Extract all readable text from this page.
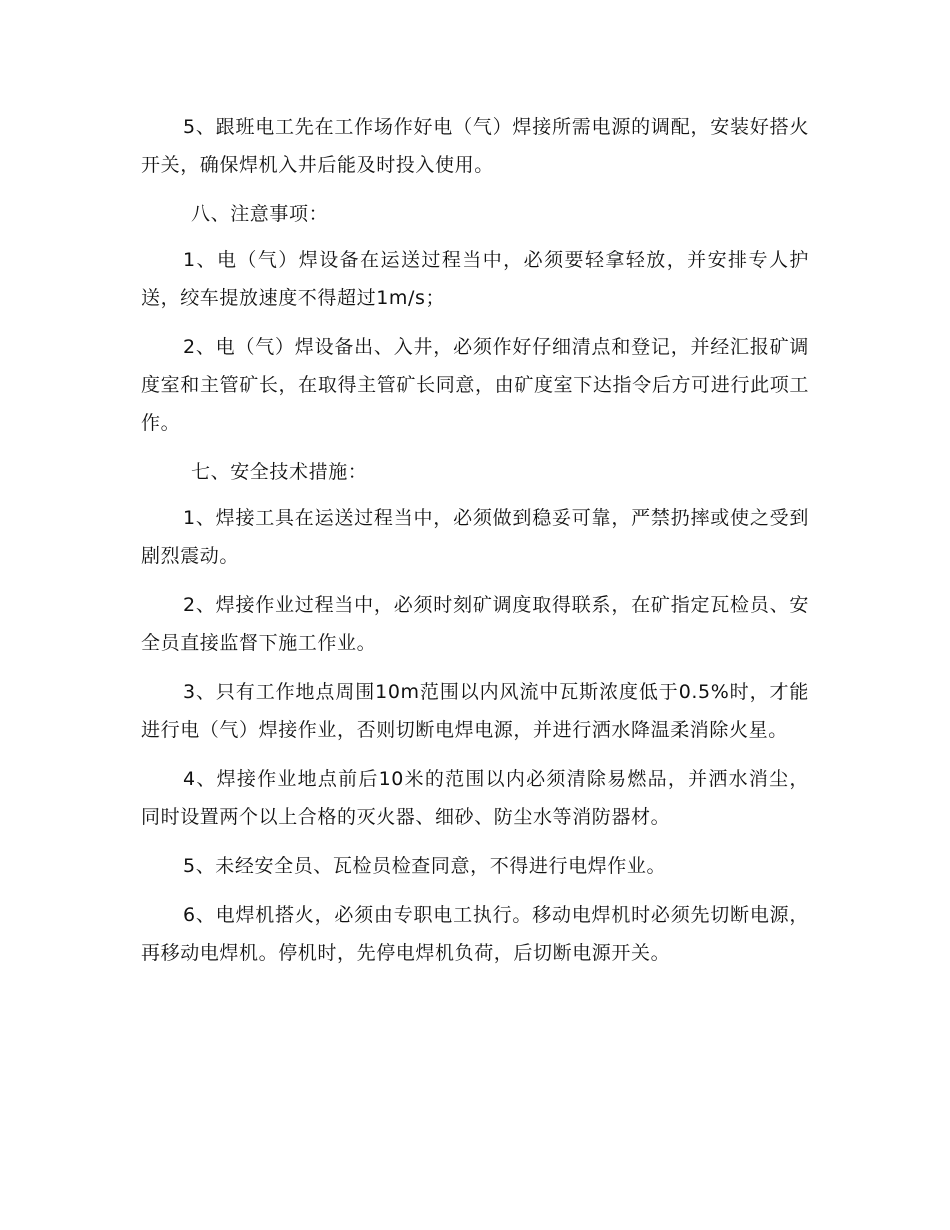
5、跟班电工先在工作场作好电（气）焊接所需电源的调配，安装好搭火开关，确保焊机入井后能及时投入使用。

八、注意事项：

1、电（气）焊设备在运送过程当中，必须要轻拿轻放，并安排专人护送，绞车提放速度不得超过1m/s；

2、电（气）焊设备出、入井，必须作好仔细清点和登记，并经汇报矿调度室和主管矿长，在取得主管矿长同意，由矿度室下达指令后方可进行此项工作。

七、安全技术措施：

1、焊接工具在运送过程当中，必须做到稳妥可靠，严禁扔摔或使之受到剧烈震动。

2、焊接作业过程当中，必须时刻矿调度取得联系，在矿指定瓦检员、安全员直接监督下施工作业。

3、只有工作地点周围10m范围以内风流中瓦斯浓度低于0.5%时，才能进行电（气）焊接作业，否则切断电焊电源，并进行洒水降温柔消除火星。

4、焊接作业地点前后10米的范围以内必须清除易燃品，并洒水消尘，同时设置两个以上合格的灭火器、细砂、防尘水等消防器材。

5、未经安全员、瓦检员检查同意，不得进行电焊作业。

6、电焊机搭火，必须由专职电工执行。移动电焊机时必须先切断电源，再移动电焊机。停机时，先停电焊机负荷，后切断电源开关。
